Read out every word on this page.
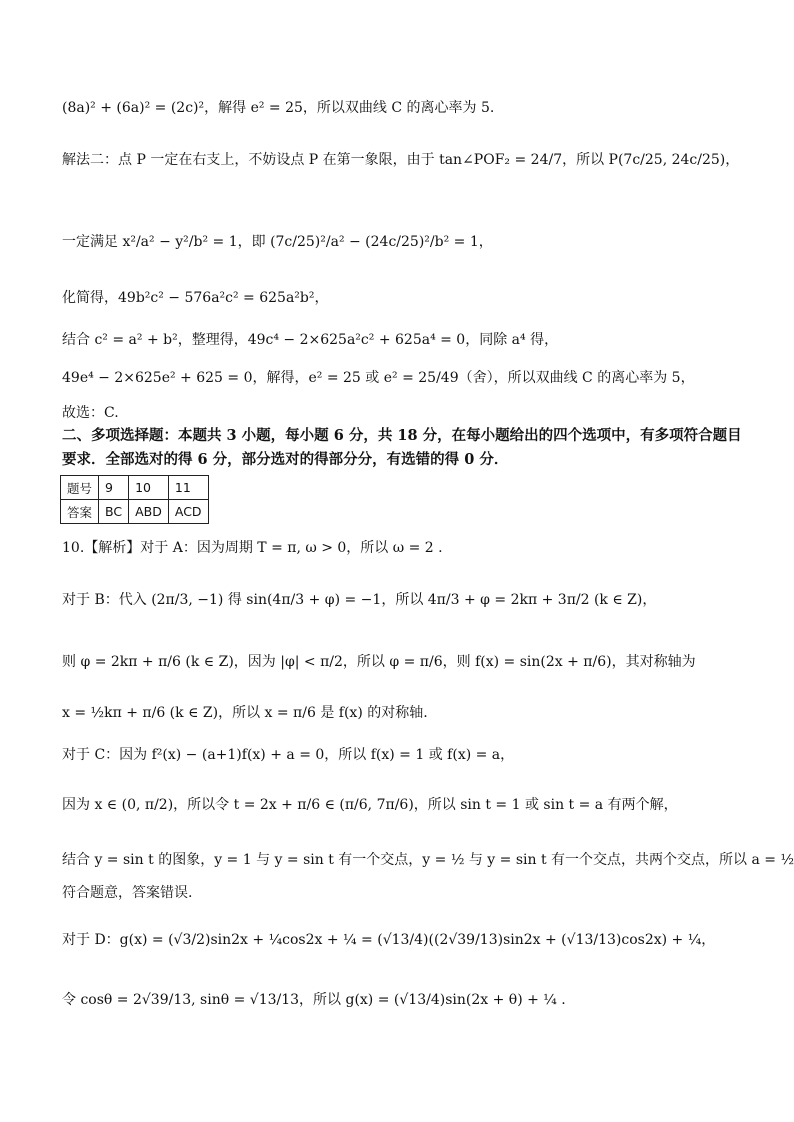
(8a)² + (6a)² = (2c)²，解得 e² = 25，所以双曲线 C 的离心率为 5.
解法二：点 P 一定在右支上，不妨设点 P 在第一象限，由于 tan∠POF₂ = 24/7，所以 P(7c/25, 24c/25)，
一定满足 x²/a² − y²/b² = 1，即 (7c/25)²/a² − (24c/25)²/b² = 1，
化简得，49b²c² − 576a²c² = 625a²b²，
结合 c² = a² + b²，整理得，49c⁴ − 2×625a²c² + 625a⁴ = 0，同除 a⁴ 得，
49e⁴ − 2×625e² + 625 = 0，解得，e² = 25 或 e² = 25/49（舍），所以双曲线 C 的离心率为 5，
故选：C.
二、多项选择题：本题共 3 小题，每小题 6 分，共 18 分，在每小题给出的四个选项中，有多项符合题目要求．全部选对的得 6 分，部分选对的得部分分，有选错的得 0 分．
题号	9	10	11
答案	BC	ABD	ACD
10.【解析】对于 A：因为周期 T = π, ω > 0，所以 ω = 2 .
对于 B：代入 (2π/3, −1) 得 sin(4π/3 + φ) = −1，所以 4π/3 + φ = 2kπ + 3π/2 (k ∈ Z)，
则 φ = 2kπ + π/6 (k ∈ Z)，因为 |φ| < π/2，所以 φ = π/6，则 f(x) = sin(2x + π/6)，其对称轴为
x = ½kπ + π/6 (k ∈ Z)，所以 x = π/6 是 f(x) 的对称轴.
对于 C：因为 f²(x) − (a+1)f(x) + a = 0，所以 f(x) = 1 或 f(x) = a，
因为 x ∈ (0, π/2)，所以令 t = 2x + π/6 ∈ (π/6, 7π/6)，所以 sin t = 1 或 sin t = a 有两个解，
结合 y = sin t 的图象，y = 1 与 y = sin t 有一个交点，y = ½ 与 y = sin t 有一个交点，共两个交点，所以 a = ½
符合题意，答案错误.
对于 D：g(x) = (√3/2)sin2x + ¼cos2x + ¼ = (√13/4)((2√39/13)sin2x + (√13/13)cos2x) + ¼，
令 cosθ = 2√39/13, sinθ = √13/13，所以 g(x) = (√13/4)sin(2x + θ) + ¼ .
